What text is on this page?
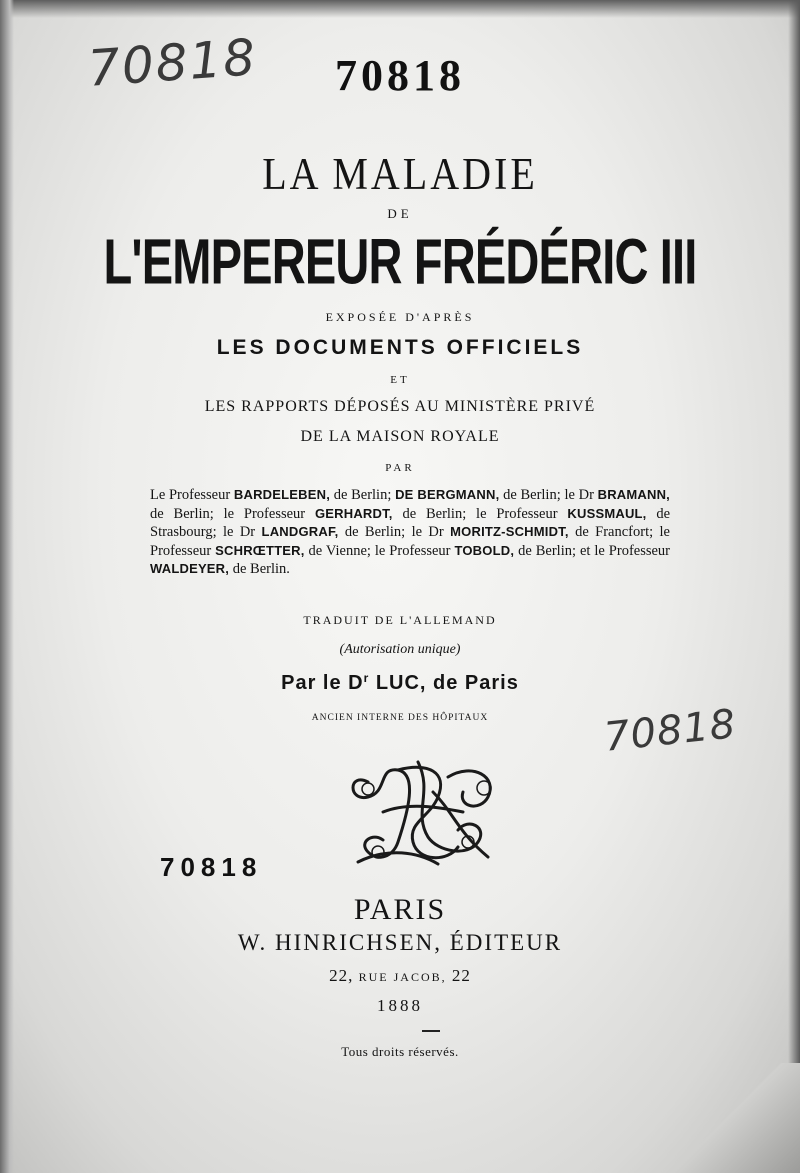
70818	70818
LA MALADIE
DE
L'EMPEREUR FRÉDÉRIC III
EXPOSÉE D'APRÈS
LES DOCUMENTS OFFICIELS
ET
LES RAPPORTS DÉPOSÉS AU MINISTÈRE PRIVÉ
DE LA MAISON ROYALE
PAR
Le Professeur BARDELEBEN, de Berlin; DE BERGMANN, de Berlin; le Dr BRAMANN, de Berlin; le Professeur GERHARDT, de Berlin; le Professeur KUSSMAUL, de Strasbourg; le Dr LANDGRAF, de Berlin; le Dr MORITZ-SCHMIDT, de Francfort; le Professeur SCHRŒTTER, de Vienne; le Professeur TOBOLD, de Berlin; et le Professeur WALDEYER, de Berlin.
TRADUIT DE L'ALLEMAND
(Autorisation unique)
Par le $D^r$ LUC, de Paris
ANCIEN INTERNE DES HÔPITAUX	70818
70818
PARIS
W. HINRICHSEN, ÉDITEUR
22, RUE JACOB, 22
1888
Tous droits réservés.
